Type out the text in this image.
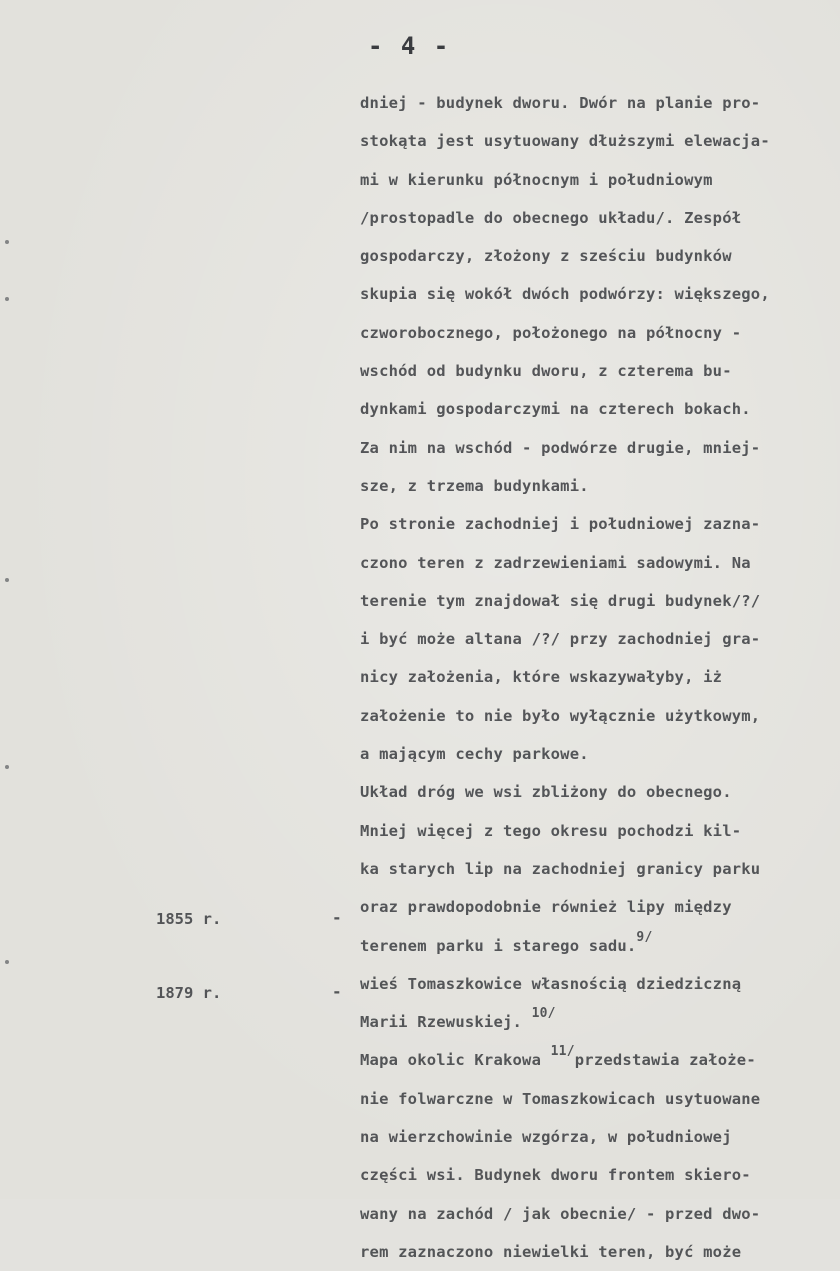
- 4 -
1855 r.	-
1879 r.	-
dniej - budynek dworu. Dwór na planie pro-
stokąta jest usytuowany dłuższymi elewacja-
mi w kierunku północnym i południowym
/prostopadle do obecnego układu/. Zespół
gospodarczy, złożony z sześciu budynków
skupia się wokół dwóch podwórzy: większego,
czworobocznego, położonego na północny -
wschód od budynku dworu, z czterema bu-
dynkami gospodarczymi na czterech bokach.
Za nim na wschód - podwórze drugie, mniej-
sze, z trzema budynkami.
Po stronie zachodniej i południowej zazna-
czono teren z zadrzewieniami sadowymi. Na
terenie tym znajdował się drugi budynek/?/
i być może altana /?/ przy zachodniej gra-
nicy założenia, które wskazywałyby, iż
założenie to nie było wyłącznie użytkowym,
a mającym cechy parkowe.
Układ dróg we wsi zbliżony do obecnego.
Mniej więcej z tego okresu pochodzi kil-
ka starych lip na zachodniej granicy parku
oraz prawdopodobnie również lipy między
terenem parku i starego sadu.$^{9/}$
wieś Tomaszkowice własnością dziedziczną
Marii Rzewuskiej. $^{10/}$
Mapa okolic Krakowa $^{11/}$przedstawia założe-
nie folwarczne w Tomaszkowicach usytuowane
na wierzchowinie wzgórza, w południowej
części wsi. Budynek dworu frontem skiero-
wany na zachód / jak obecnie/ - przed dwo-
rem zaznaczono niewielki teren, być może
